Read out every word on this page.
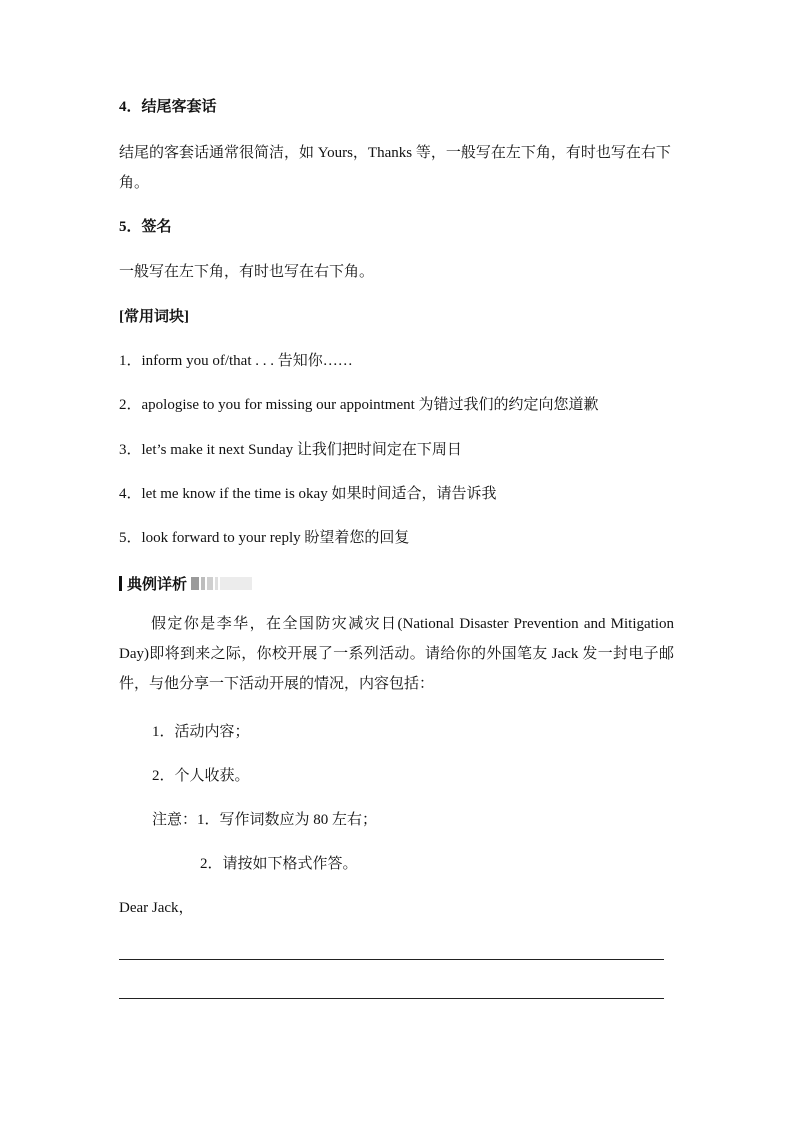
4．结尾客套话
结尾的客套话通常很简洁，如 Yours，Thanks 等，一般写在左下角，有时也写在右下角。
5．签名
一般写在左下角，有时也写在右下角。
[常用词块]
1．inform you of/that . . . 告知你……
2．apologise to you for missing our appointment 为错过我们的约定向您道歉
3．let’s make it next Sunday 让我们把时间定在下周日
4．let me know if the time is okay 如果时间适合，请告诉我
5．look forward to your reply 盼望着您的回复
典例详析
假定你是李华，在全国防灾减灾日(National Disaster Prevention and Mitigation Day)即将到来之际，你校开展了一系列活动。请给你的外国笔友 Jack 发一封电子邮件，与他分享一下活动开展的情况，内容包括：
1．活动内容；
2．个人收获。
注意：1．写作词数应为 80 左右；
2．请按如下格式作答。
Dear Jack，
